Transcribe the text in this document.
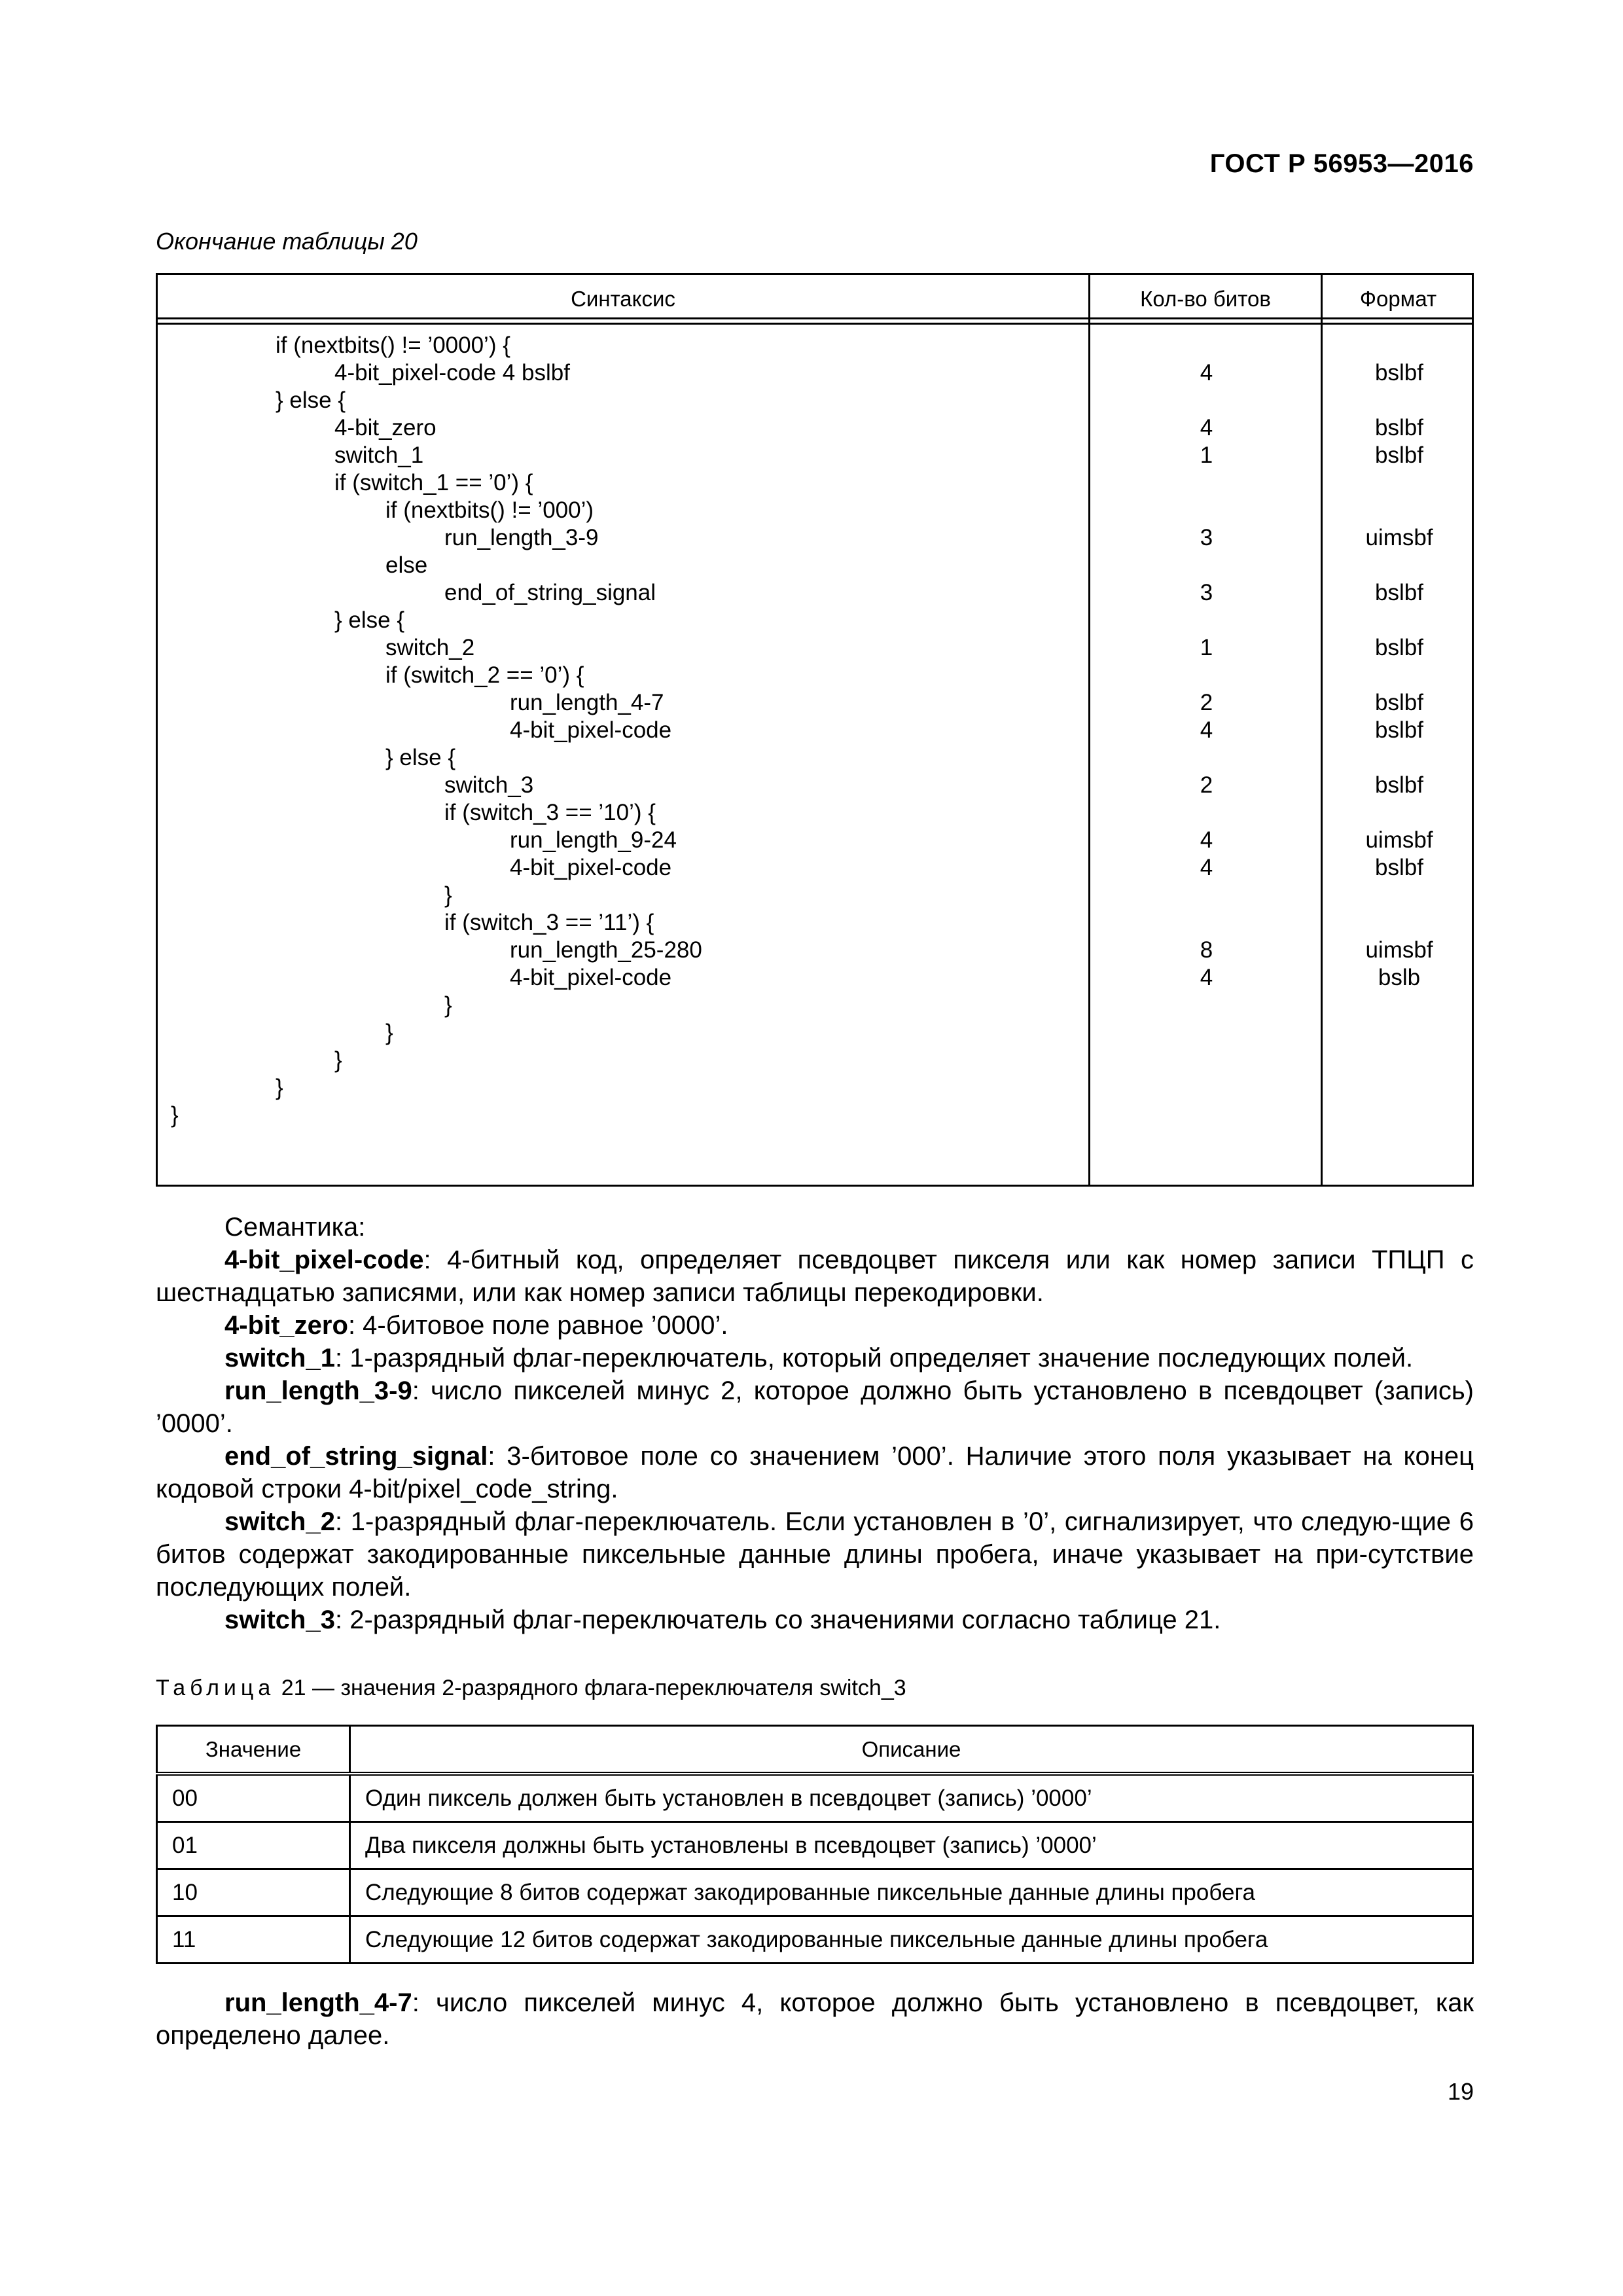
ГОСТ Р 56953—2016
Окончание таблицы 20
Синтаксис	Кол-во битов	Формат
if (nextbits() != ’0000’) {
4-bit_pixel-code 4 bslbf	4	bslbf
} else {
4-bit_zero	4	bslbf
switch_1	1	bslbf
if (switch_1 == ’0’) {
if (nextbits() != ’000’)
run_length_3-9	3	uimsbf
else
end_of_string_signal	3	bslbf
} else {
switch_2	1	bslbf
if (switch_2 == ’0’) {
run_length_4-7	2	bslbf
4-bit_pixel-code	4	bslbf
} else {
switch_3	2	bslbf
if (switch_3 == ’10’) {
run_length_9-24	4	uimsbf
4-bit_pixel-code	4	bslbf
}
if (switch_3 == ’11’) {
run_length_25-280	8	uimsbf
4-bit_pixel-code	4	bslb
}
}
}
}
}

Семантика:

4-bit_pixel-code: 4-битный код, определяет псевдоцвет пикселя или как номер записи ТПЦП с шестнадцатью записями, или как номер записи таблицы перекодировки.

4-bit_zero: 4-битовое поле равное ’0000’.

switch_1: 1-разрядный флаг-переключатель, который определяет значение последующих полей.

run_length_3-9: число пикселей минус 2, которое должно быть установлено в псевдоцвет (запись) ’0000’.

end_of_string_signal: 3-битовое поле со значением ’000’. Наличие этого поля указывает на конец кодовой строки 4-bit/pixel_code_string.

switch_2: 1-разрядный флаг-переключатель. Если установлен в ’0’, сигнализирует, что следую-щие 6 битов содержат закодированные пиксельные данные длины пробега, иначе указывает на при-сутствие последующих полей.

switch_3: 2-разрядный флаг-переключатель со значениями согласно таблице 21.

Таблица 21 — значения 2-разрядного флага-переключателя switch_3
Значение	Описание
00	Один пиксель должен быть установлен в псевдоцвет (запись) ’0000’
01	Два пикселя должны быть установлены в псевдоцвет (запись) ’0000’
10	Следующие 8 битов содержат закодированные пиксельные данные длины пробега
11	Следующие 12 битов содержат закодированные пиксельные данные длины пробега

run_length_4-7: число пикселей минус 4, которое должно быть установлено в псевдоцвет, как определено далее.

19
